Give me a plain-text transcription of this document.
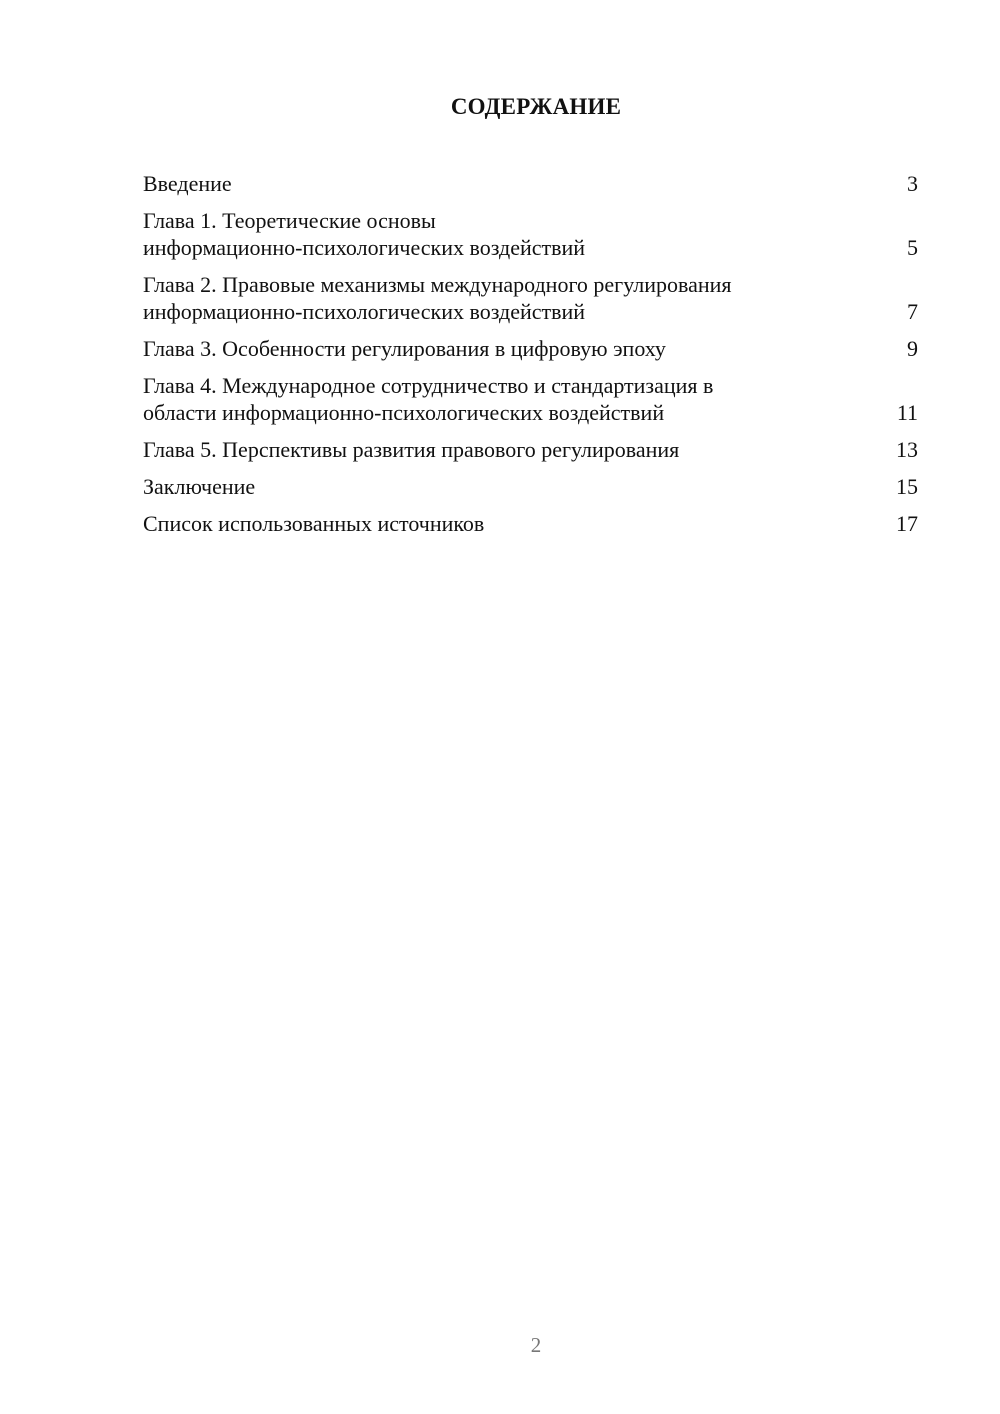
СОДЕРЖАНИЕ
Введение	3
Глава 1. Теоретические основы
информационно-психологических воздействий	5
Глава 2. Правовые механизмы международного регулирования
информационно-психологических воздействий	7
Глава 3. Особенности регулирования в цифровую эпоху	9
Глава 4. Международное сотрудничество и стандартизация в
области информационно-психологических воздействий	11
Глава 5. Перспективы развития правового регулирования	13
Заключение	15
Список использованных источников	17
2
